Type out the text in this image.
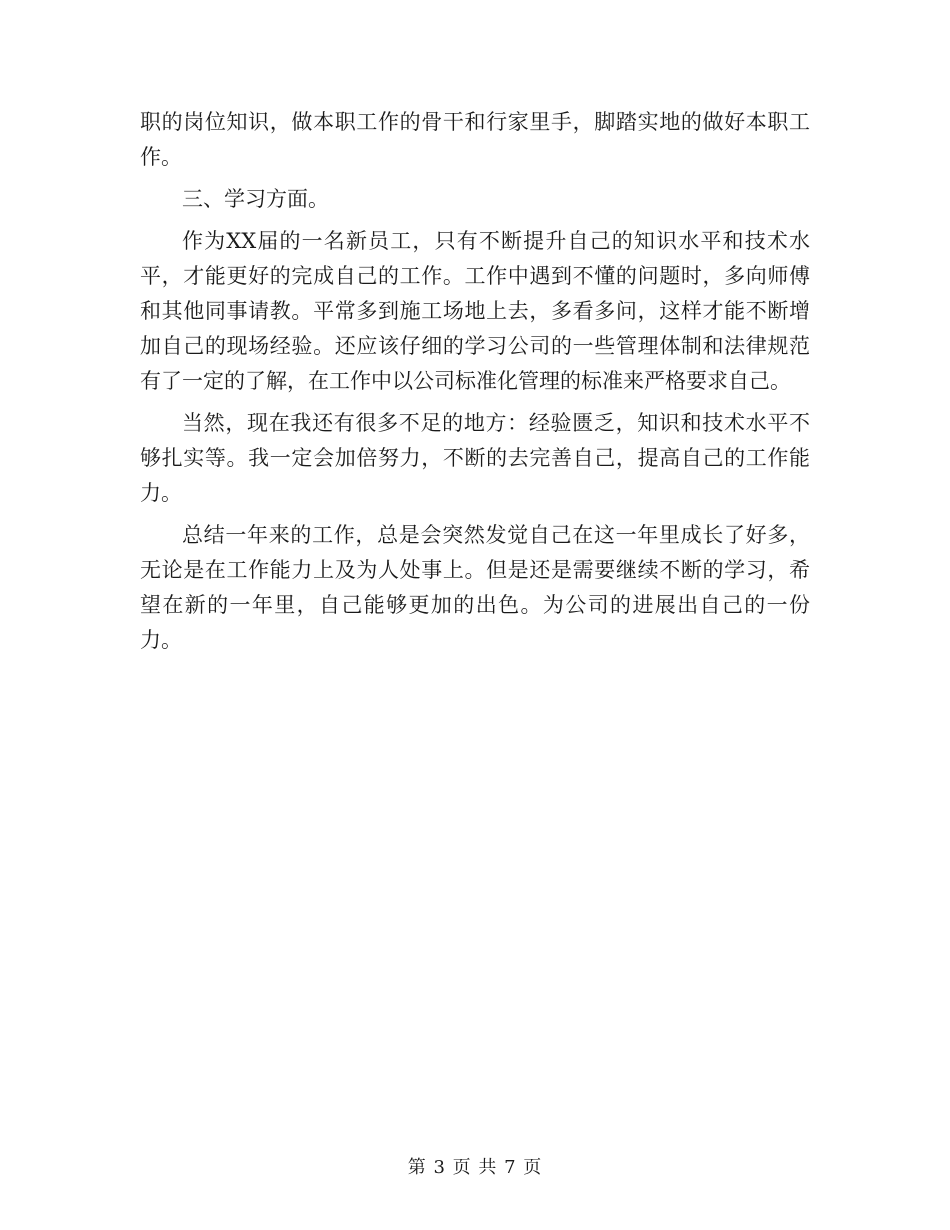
职的岗位知识，做本职工作的骨干和行家里手，脚踏实地的做好本职工作。

三、学习方面。

作为XX届的一名新员工，只有不断提升自己的知识水平和技术水平，才能更好的完成自己的工作。工作中遇到不懂的问题时，多向师傅和其他同事请教。平常多到施工场地上去，多看多问，这样才能不断增加自己的现场经验。还应该仔细的学习公司的一些管理体制和法律规范有了一定的了解，在工作中以公司标准化管理的标准来严格要求自己。

当然，现在我还有很多不足的地方：经验匮乏，知识和技术水平不够扎实等。我一定会加倍努力，不断的去完善自己，提高自己的工作能力。

总结一年来的工作，总是会突然发觉自己在这一年里成长了好多，无论是在工作能力上及为人处事上。但是还是需要继续不断的学习，希望在新的一年里，自己能够更加的出色。为公司的进展出自己的一份力。

第 3 页 共 7 页
